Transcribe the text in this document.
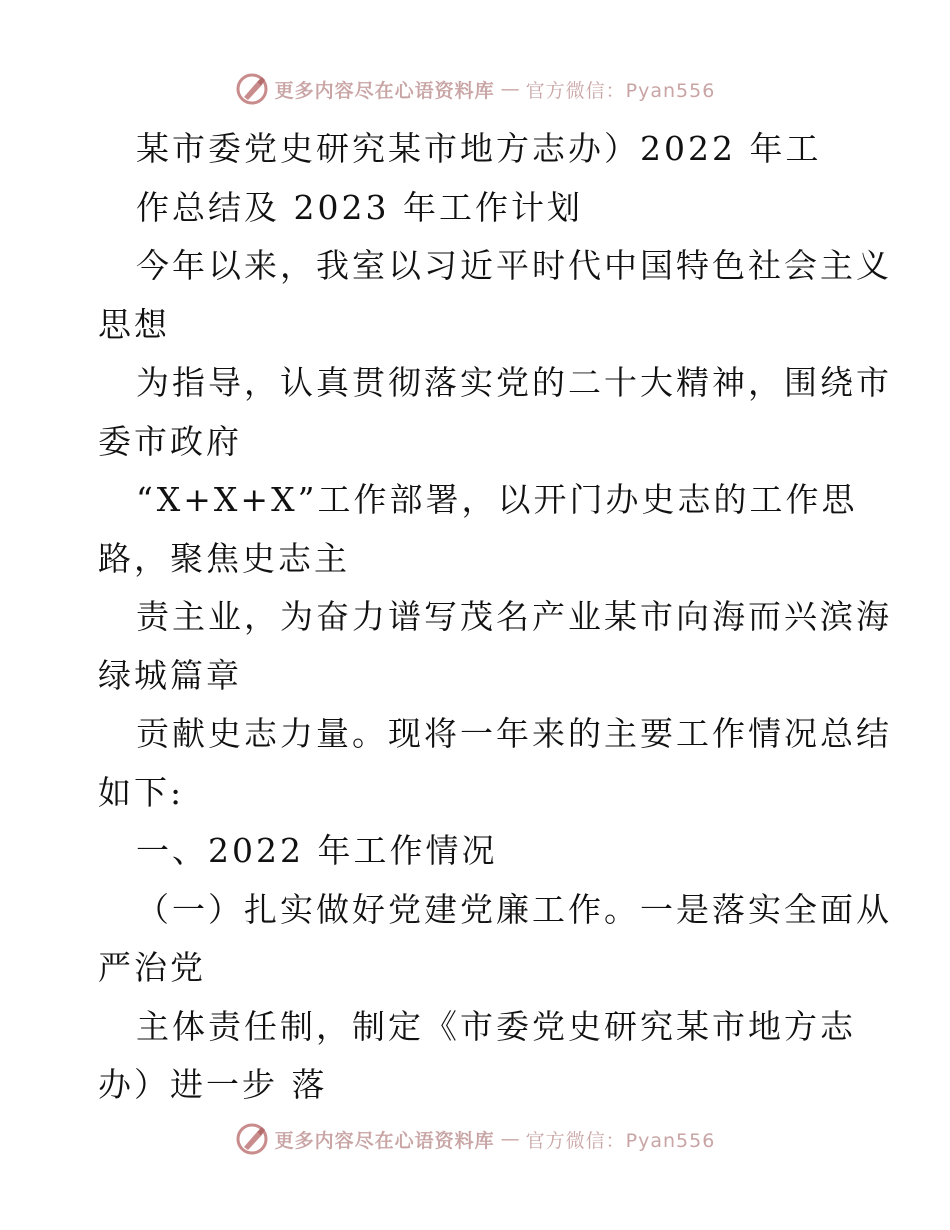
更多内容尽在心语资料库 — 官方微信：Pyan556
某市委党史研究某市地方志办）2022 年工
作总结及 2023 年工作计划
今年以来，我室以习近平时代中国特色社会主义
思想
为指导，认真贯彻落实党的二十大精神，围绕市
委市政府
“X+X+X”工作部署，以开门办史志的工作思
路，聚焦史志主
责主业，为奋力谱写茂名产业某市向海而兴滨海
绿城篇章
贡献史志力量。现将一年来的主要工作情况总结
如下:
一、2022 年工作情况
（一）扎实做好党建党廉工作。一是落实全面从
严治党
主体责任制，制定《市委党史研究某市地方志
办）进一步 落
更多内容尽在心语资料库 — 官方微信：Pyan556
